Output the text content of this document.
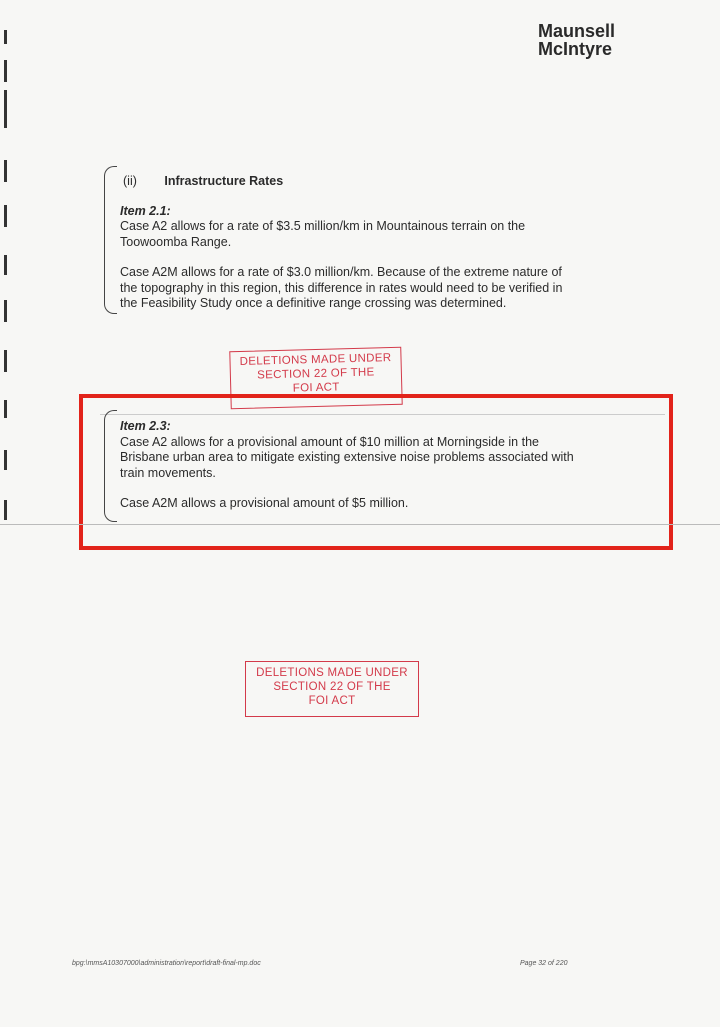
Maunsell
McIntyre

(ii) Infrastructure Rates

Item 2.1:

Case A2 allows for a rate of $3.5 million/km in Mountainous terrain on the

Toowoomba Range.

Case A2M allows for a rate of $3.0 million/km. Because of the extreme nature of

the topography in this region, this difference in rates would need to be verified in

the Feasibility Study once a definitive range crossing was determined.

DELETIONS MADE UNDER
SECTION 22 OF THE
FOI ACT

Item 2.3:

Case A2 allows for a provisional amount of $10 million at Morningside in the

Brisbane urban area to mitigate existing extensive noise problems associated with

train movements.

Case A2M allows a provisional amount of $5 million.

DELETIONS MADE UNDER
SECTION 22 OF THE
FOI ACT
bpg:\mmsA10307000\administration\report\draft-final-mp.doc	Page 32 of 220
